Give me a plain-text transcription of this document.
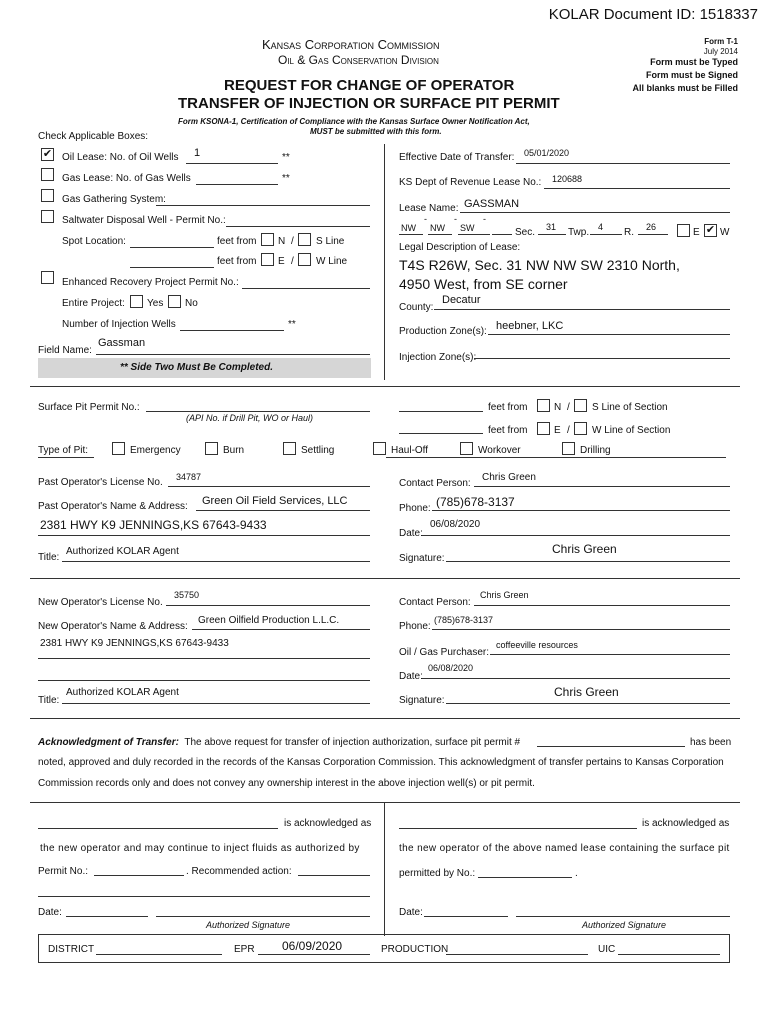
KOLAR Document ID: 1518337
Kansas Corporation Commission
Oil & Gas Conservation Division
Form T-1
July 2014
Form must be Typed
Form must be Signed
All blanks must be Filled
REQUEST FOR CHANGE OF OPERATOR
TRANSFER OF INJECTION OR SURFACE PIT PERMIT
Form KSONA-1, Certification of Compliance with the Kansas Surface Owner Notification Act,
MUST be submitted with this form.
Check Applicable Boxes:
✔ Oil Lease: No. of Oil Wells 1	**
Gas Lease: No. of Gas Wells	**
Gas Gathering System:
Saltwater Disposal Well - Permit No.:
Spot Location:	feet from N / S Line
feet from E / W Line
Enhanced Recovery Project Permit No.:
Entire Project: Yes No
Number of Injection Wells	**
Field Name:
Gassman
** Side Two Must Be Completed.
Effective Date of Transfer: 05/01/2020
KS Dept of Revenue Lease No.: 120688
Lease Name: GASSMAN
NW
-
NW
-
SW
-
Sec. 31 Twp. 4 R. 26	E ✔ W
Legal Description of Lease:
T4S R26W, Sec. 31 NW NW SW 2310 North,
4950 West, from SE corner
County:
Decatur
Production Zone(s): heebner, LKC
Injection Zone(s):
Surface Pit Permit No.:
(API No. if Drill Pit, WO or Haul)
feet from	N / S Line of Section
feet from	E / W Line of Section
Type of Pit:	Emergency	Burn	Settling	Haul-Off	Workover	Drilling
Past Operator's License No. 34787
Past Operator's Name & Address: Green Oil Field Services, LLC
2381 HWY K9 JENNINGS,KS 67643-9433
Title:
Authorized KOLAR Agent
Contact Person:
Chris Green
Phone: (785)678-3137
Date:
06/08/2020
Signature:
Chris Green
New Operator's License No.
35750
New Operator's Name & Address:
Green Oilfield Production L.L.C.
2381 HWY K9 JENNINGS,KS 67643-9433
Title:
Authorized KOLAR Agent
Contact Person:
Chris Green
Phone:
(785)678-3137
Oil / Gas Purchaser:
coffeeville resources
Date:
06/08/2020
Signature:
Chris Green
Acknowledgment of Transfer: The above request for transfer of injection authorization, surface pit permit #	has been
noted, approved and duly recorded in the records of the Kansas Corporation Commission. This acknowledgment of transfer pertains to Kansas Corporation
Commission records only and does not convey any ownership interest in the above injection well(s) or pit permit.
is acknowledged as
the new operator and may continue to inject fluids as authorized by
Permit No.:	. Recommended action:
Date:
Authorized Signature
is acknowledged as
the new operator of the above named lease containing the surface pit
permitted by No.:	.
Date:
Authorized Signature
DISTRICT	EPR 06/09/2020	PRODUCTION	UIC
